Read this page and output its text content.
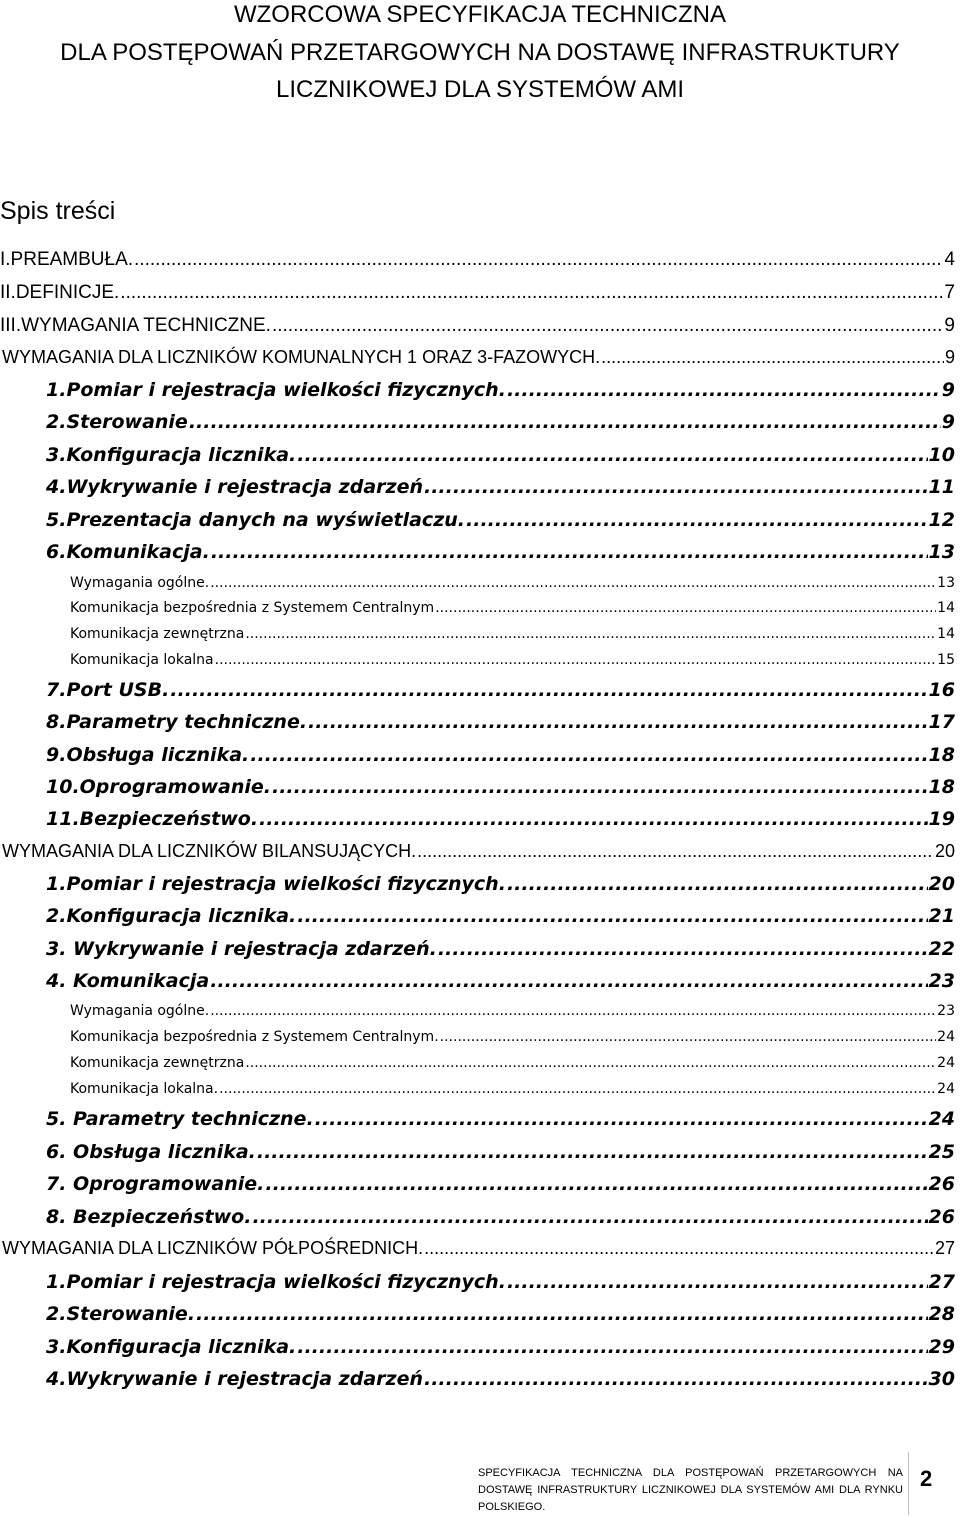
WZORCOWA SPECYFIKACJA TECHNICZNA
DLA POSTĘPOWAŃ PRZETARGOWYCH NA DOSTAWĘ INFRASTRUKTURY
LICZNIKOWEJ DLA SYSTEMÓW AMI
Spis treści
I.PREAMBUŁA. .....	4
II.DEFINICJE. .....	7
III.WYMAGANIA TECHNICZNE. .....	9
WYMAGANIA DLA LICZNIKÓW KOMUNALNYCH 1 ORAZ 3-FAZOWYCH. .....	9
1.Pomiar i rejestracja wielkości fizycznych. .....	9
2.Sterowanie .....	9
3.Konfiguracja licznika. .....	10
4.Wykrywanie i rejestracja zdarzeń .....	11
5.Prezentacja danych na wyświetlaczu. .....	12
6.Komunikacja. .....	13
Wymagania ogólne. .....	13
Komunikacja bezpośrednia z Systemem Centralnym .....	14
Komunikacja zewnętrzna .....	14
Komunikacja lokalna .....	15
7.Port USB. .....	16
8.Parametry techniczne. .....	17
9.Obsługa licznika. .....	18
10.Oprogramowanie. .....	18
11.Bezpieczeństwo. .....	19
WYMAGANIA DLA LICZNIKÓW BILANSUJĄCYCH. .....	20
1.Pomiar i rejestracja wielkości fizycznych. .....	20
2.Konfiguracja licznika. .....	21
3. Wykrywanie i rejestracja zdarzeń. .....	22
4. Komunikacja .....	23
Wymagania ogólne. .....	23
Komunikacja bezpośrednia z Systemem Centralnym. .....	24
Komunikacja zewnętrzna .....	24
Komunikacja lokalna. .....	24
5. Parametry techniczne. .....	24
6. Obsługa licznika. .....	25
7. Oprogramowanie. .....	26
8. Bezpieczeństwo. .....	26
WYMAGANIA DLA LICZNIKÓW PÓŁPOŚREDNICH. .....	27
1.Pomiar i rejestracja wielkości fizycznych. .....	27
2.Sterowanie. .....	28
3.Konfiguracja licznika. .....	29
4.Wykrywanie i rejestracja zdarzeń .....	30
SPECYFIKACJA TECHNICZNA DLA POSTĘPOWAŃ PRZETARGOWYCH NA DOSTAWĘ INFRASTRUKTURY LICZNIKOWEJ DLA SYSTEMÓW AMI DLA RYNKU POLSKIEGO.
2
